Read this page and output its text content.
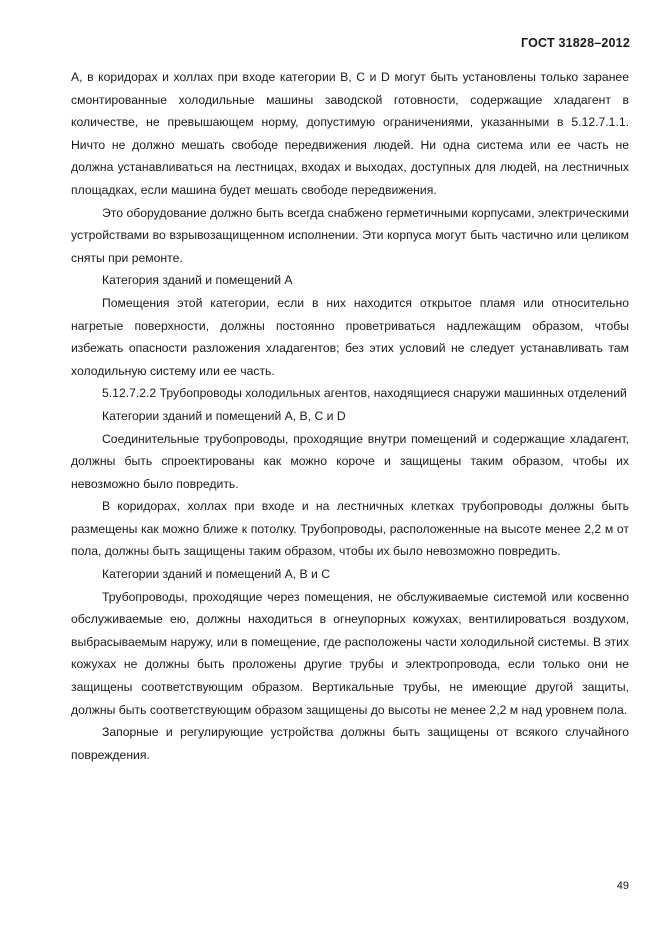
ГОСТ 31828–2012

А, в коридорах и холлах при входе категории В, С и D могут быть установлены только заранее смонтированные холодильные машины заводской готовности, содержащие хладагент в количестве, не превышающем норму, допустимую ограничениями, указанными в 5.12.7.1.1. Ничто не должно мешать свободе передвижения людей. Ни одна система или ее часть не должна устанавливаться на лестницах, входах и выходах, доступных для людей, на лестничных площадках, если машина будет мешать свободе передвижения.

Это оборудование должно быть всегда снабжено герметичными корпусами, электрическими устройствами во взрывозащищенном исполнении. Эти корпуса могут быть частично или целиком сняты при ремонте.

Категория зданий и помещений А

Помещения этой категории, если в них находится открытое пламя или относительно нагретые поверхности, должны постоянно проветриваться надлежащим образом, чтобы избежать опасности разложения хладагентов; без этих условий не следует устанавливать там холодильную систему или ее часть.

5.12.7.2.2 Трубопроводы холодильных агентов, находящиеся снаружи машинных отделений

Категории зданий и помещений А, В, С и D

Соединительные трубопроводы, проходящие внутри помещений и содержащие хладагент, должны быть спроектированы как можно короче и защищены таким образом, чтобы их невозможно было повредить.

В коридорах, холлах при входе и на лестничных клетках трубопроводы должны быть размещены как можно ближе к потолку. Трубопроводы, расположенные на высоте менее 2,2 м от пола, должны быть защищены таким образом, чтобы их было невозможно повредить.

Категории зданий и помещений А, В и С

Трубопроводы, проходящие через помещения, не обслуживаемые системой или косвенно обслуживаемые ею, должны находиться в огнеупорных кожухах, вентилироваться воздухом, выбрасываемым наружу, или в помещение, где расположены части холодильной системы. В этих кожухах не должны быть проложены другие трубы и электропровода, если только они не защищены соответствующим образом. Вертикальные трубы, не имеющие другой защиты, должны быть соответствующим образом защищены до высоты не менее 2,2 м над уровнем пола.

Запорные и регулирующие устройства должны быть защищены от всякого случайного повреждения.

49
